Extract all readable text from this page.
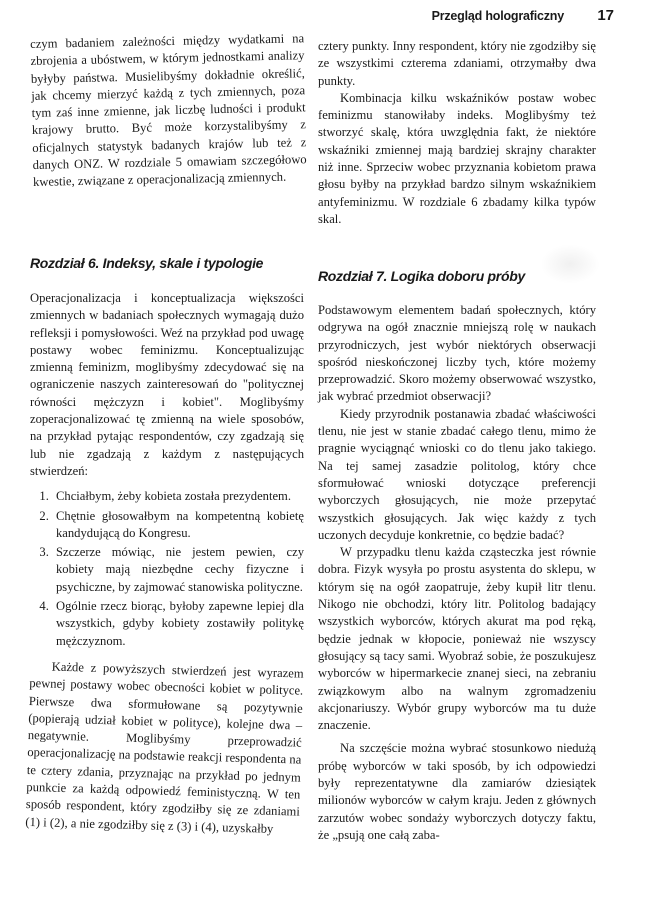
Przegląd holograficzny 17

czym badaniem zależności między wydatkami na zbrojenia a ubóstwem, w którym jednostkami analizy byłyby państwa. Musielibyśmy dokładnie określić, jak chcemy mierzyć każdą z tych zmiennych, poza tym zaś inne zmienne, jak liczbę ludności i produkt krajowy brutto. Być może korzystalibyśmy z oficjalnych statystyk badanych krajów lub też z danych ONZ. W rozdziale 5 omawiam szczegółowo kwestie, związane z operacjonalizacją zmiennych.

cztery punkty. Inny respondent, który nie zgodziłby się ze wszystkimi czterema zdaniami, otrzymałby dwa punkty.

Kombinacja kilku wskaźników postaw wobec feminizmu stanowiłaby indeks. Moglibyśmy też stworzyć skalę, która uwzględnia fakt, że niektóre wskaźniki zmiennej mają bardziej skrajny charakter niż inne. Sprzeciw wobec przyznania kobietom prawa głosu byłby na przykład bardzo silnym wskaźnikiem antyfeminizmu. W rozdziale 6 zbadamy kilka typów skal.

Rozdział 6. Indeksy, skale i typologie
Rozdział 7. Logika doboru próby

Operacjonalizacja i konceptualizacja większości zmiennych w badaniach społecznych wymagają dużo refleksji i pomysłowości. Weź na przykład pod uwagę postawy wobec feminizmu. Konceptualizując zmienną feminizm, moglibyśmy zdecydować się na ograniczenie naszych zainteresowań do "politycznej równości mężczyzn i kobiet". Moglibyśmy zoperacjonalizować tę zmienną na wiele sposobów, na przykład pytając respondentów, czy zgadzają się lub nie zgadzają z każdym z następujących stwierdzeń:

1. Chciałbym, żeby kobieta została prezydentem.
2. Chętnie głosowałbym na kompetentną kobietę kandydującą do Kongresu.
3. Szczerze mówiąc, nie jestem pewien, czy kobiety mają niezbędne cechy fizyczne i psychiczne, by zajmować stanowiska polityczne.
4. Ogólnie rzecz biorąc, byłoby zapewne lepiej dla wszystkich, gdyby kobiety zostawiły politykę mężczyznom.

Każde z powyższych stwierdzeń jest wyrazem pewnej postawy wobec obecności kobiet w polityce. Pierwsze dwa sformułowane są pozytywnie (popierają udział kobiet w polityce), kolejne dwa – negatywnie. Moglibyśmy przeprowadzić operacjonalizację na podstawie reakcji respondenta na te cztery zdania, przyznając na przykład po jednym punkcie za każdą odpowiedź feministyczną. W ten sposób respondent, który zgodziłby się ze zdaniami (1) i (2), a nie zgodziłby się z (3) i (4), uzyskałby

Podstawowym elementem badań społecznych, który odgrywa na ogół znacznie mniejszą rolę w naukach przyrodniczych, jest wybór niektórych obserwacji spośród nieskończonej liczby tych, które możemy przeprowadzić. Skoro możemy obserwować wszystko, jak wybrać przedmiot obserwacji?

Kiedy przyrodnik postanawia zbadać właściwości tlenu, nie jest w stanie zbadać całego tlenu, mimo że pragnie wyciągnąć wnioski co do tlenu jako takiego. Na tej samej zasadzie politolog, który chce sformułować wnioski dotyczące preferencji wyborczych głosujących, nie może przepytać wszystkich głosujących. Jak więc każdy z tych uczonych decyduje konkretnie, co będzie badać?

W przypadku tlenu każda cząsteczka jest równie dobra. Fizyk wysyła po prostu asystenta do sklepu, w którym się na ogół zaopatruje, żeby kupił litr tlenu. Nikogo nie obchodzi, który litr. Politolog badający wszystkich wyborców, których akurat ma pod ręką, będzie jednak w kłopocie, ponieważ nie wszyscy głosujący są tacy sami. Wyobraź sobie, że poszukujesz wyborców w hipermarkecie znanej sieci, na zebraniu związkowym albo na walnym zgromadzeniu akcjonariuszy. Wybór grupy wyborców ma tu duże znaczenie.

Na szczęście można wybrać stosunkowo niedużą próbę wyborców w taki sposób, by ich odpowiedzi były reprezentatywne dla zamiarów dziesiątek milionów wyborców w całym kraju. Jeden z głównych zarzutów wobec sondaży wyborczych dotyczy faktu, że „psują one całą zaba-
